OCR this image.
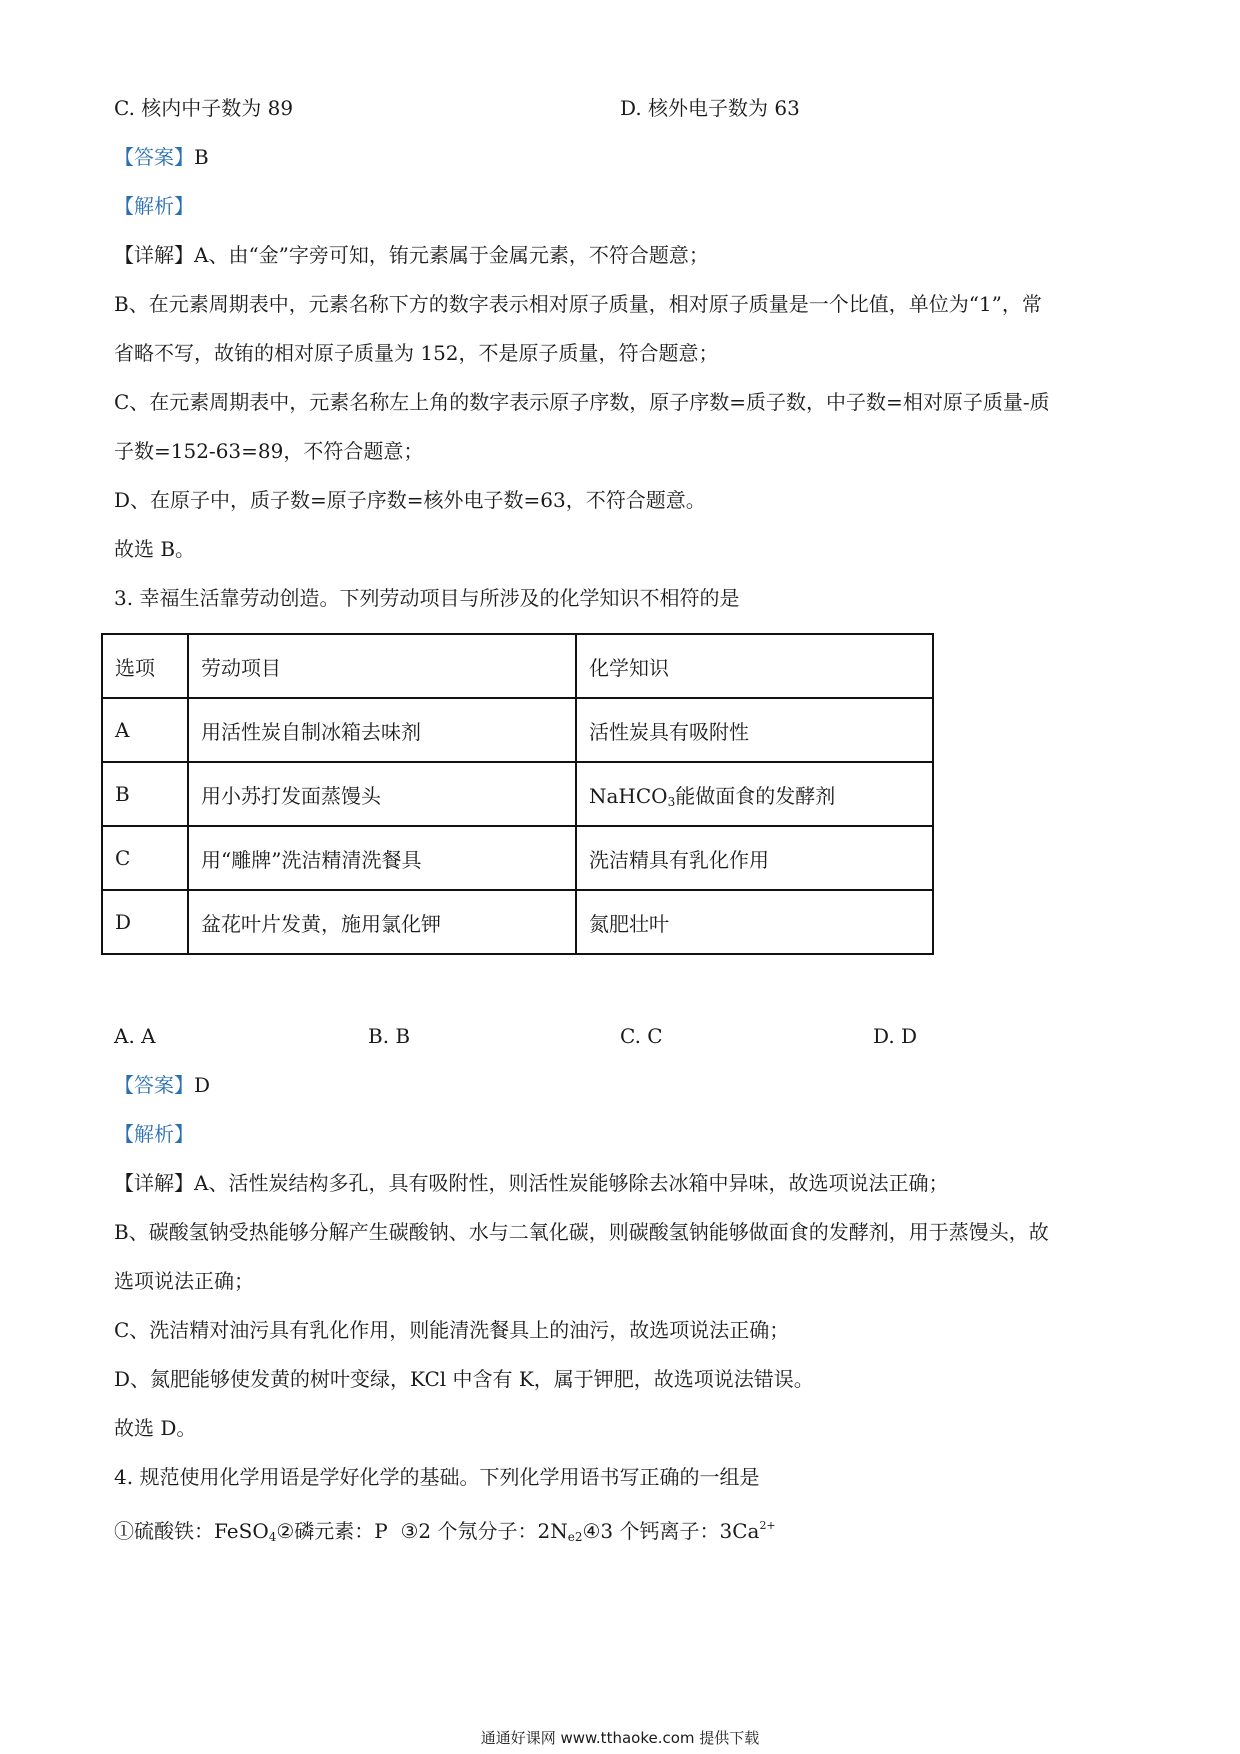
C. 核内中子数为 89	D. 核外电子数为 63
【答案】B
【解析】
【详解】A、由“金”字旁可知，铕元素属于金属元素，不符合题意；
B、在元素周期表中，元素名称下方的数字表示相对原子质量，相对原子质量是一个比值，单位为“1”，常
省略不写，故铕的相对原子质量为 152，不是原子质量，符合题意；
C、在元素周期表中，元素名称左上角的数字表示原子序数，原子序数=质子数，中子数=相对原子质量-质
子数=152-63=89，不符合题意；
D、在原子中，质子数=原子序数=核外电子数=63，不符合题意。
故选 B。
3. 幸福生活靠劳动创造。下列劳动项目与所涉及的化学知识不相符的是
选项	劳动项目	化学知识
A	用活性炭自制冰箱去味剂	活性炭具有吸附性
B	用小苏打发面蒸馒头	NaHCO$_3$能做面食的发酵剂
C	用“雕牌”洗洁精清洗餐具	洗洁精具有乳化作用
D	盆花叶片发黄，施用氯化钾	氮肥壮叶
A. A	B. B	C. C	D. D
【答案】D
【解析】
【详解】A、活性炭结构多孔，具有吸附性，则活性炭能够除去冰箱中异味，故选项说法正确；
B、碳酸氢钠受热能够分解产生碳酸钠、水与二氧化碳，则碳酸氢钠能够做面食的发酵剂，用于蒸馒头，故
选项说法正确；
C、洗洁精对油污具有乳化作用，则能清洗餐具上的油污，故选项说法正确；
D、氮肥能够使发黄的树叶变绿，KCl 中含有 K，属于钾肥，故选项说法错误。
故选 D。
4. 规范使用化学用语是学好化学的基础。下列化学用语书写正确的一组是
①硫酸铁：FeSO$_4$②磷元素：P  ③2 个氖分子：$2N_{e2}④3$ 个钙离子：$3Ca^{2+}$
通通好课网 www.tthaoke.com 提供下载
